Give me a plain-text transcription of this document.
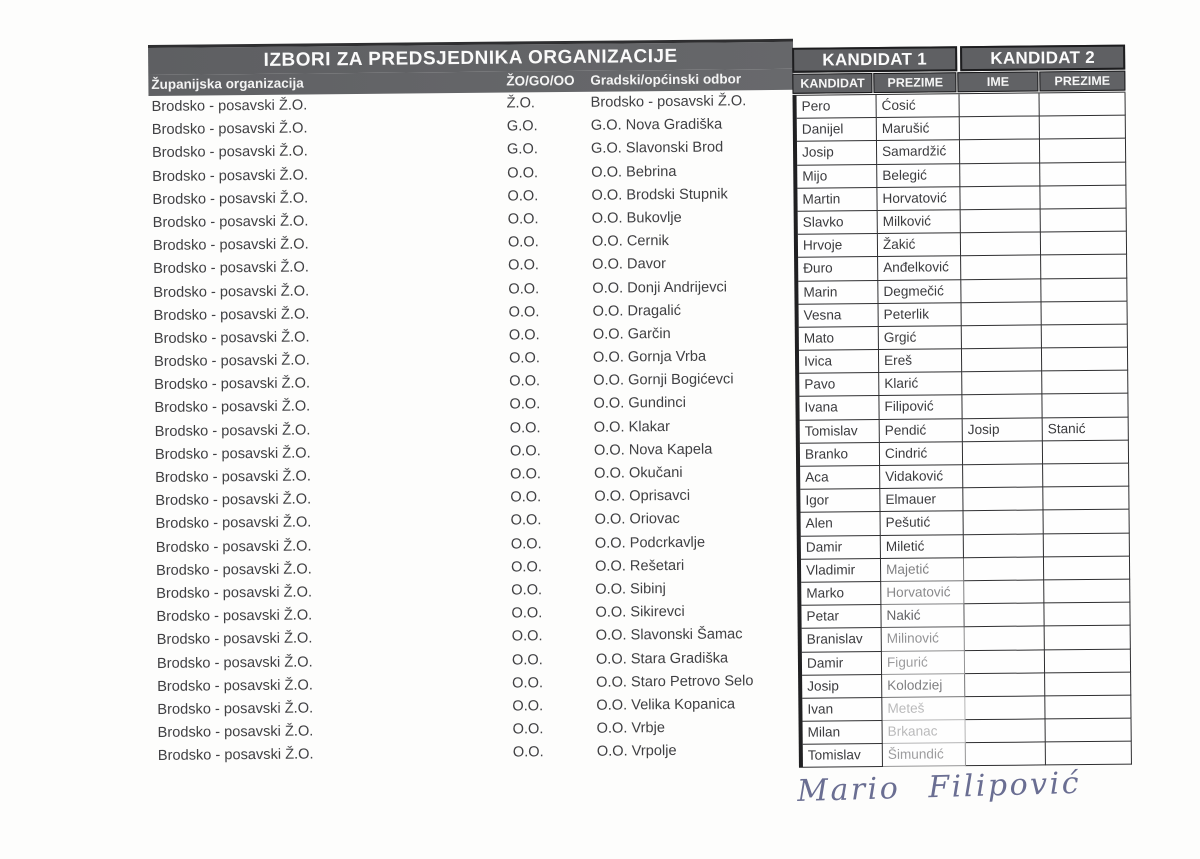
IZBORI ZA PREDSJEDNIKA ORGANIZACIJE
Županijska organizacija	ŽO/GO/OO Gradski/općinski odbor
Brodsko - posavski Ž.O.	Ž.O.	Brodsko - posavski Ž.O.
Brodsko - posavski Ž.O.	G.O.	G.O. Nova Gradiška
Brodsko - posavski Ž.O.	G.O.	G.O. Slavonski Brod
Brodsko - posavski Ž.O.	O.O.	O.O. Bebrina
Brodsko - posavski Ž.O.	O.O.	O.O. Brodski Stupnik
Brodsko - posavski Ž.O.	O.O.	O.O. Bukovlje
Brodsko - posavski Ž.O.	O.O.	O.O. Cernik
Brodsko - posavski Ž.O.	O.O.	O.O. Davor
Brodsko - posavski Ž.O.	O.O.	O.O. Donji Andrijevci
Brodsko - posavski Ž.O.	O.O.	O.O. Dragalić
Brodsko - posavski Ž.O.	O.O.	O.O. Garčin
Brodsko - posavski Ž.O.	O.O.	O.O. Gornja Vrba
Brodsko - posavski Ž.O.	O.O.	O.O. Gornji Bogićevci
Brodsko - posavski Ž.O.	O.O.	O.O. Gundinci
Brodsko - posavski Ž.O.	O.O.	O.O. Klakar
Brodsko - posavski Ž.O.	O.O.	O.O. Nova Kapela
Brodsko - posavski Ž.O.	O.O.	O.O. Okučani
Brodsko - posavski Ž.O.	O.O.	O.O. Oprisavci
Brodsko - posavski Ž.O.	O.O.	O.O. Oriovac
Brodsko - posavski Ž.O.	O.O.	O.O. Podcrkavlje
Brodsko - posavski Ž.O.	O.O.	O.O. Rešetari
Brodsko - posavski Ž.O.	O.O.	O.O. Sibinj
Brodsko - posavski Ž.O.	O.O.	O.O. Sikirevci
Brodsko - posavski Ž.O.	O.O.	O.O. Slavonski Šamac
Brodsko - posavski Ž.O.	O.O.	O.O. Stara Gradiška
Brodsko - posavski Ž.O.	O.O.	O.O. Staro Petrovo Selo
Brodsko - posavski Ž.O.	O.O.	O.O. Velika Kopanica
Brodsko - posavski Ž.O.	O.O.	O.O. Vrbje
Brodsko - posavski Ž.O.	O.O.	O.O. Vrpolje
KANDIDAT 1	KANDIDAT 2
KANDIDAT	PREZIME	IME	PREZIME
Pero	Ćosić
Danijel	Marušić
Josip	Samardžić
Mijo	Belegić
Martin	Horvatović
Slavko	Milković
Hrvoje	Žakić
Đuro	Anđelković
Marin	Degmečić
Vesna	Peterlik
Mato	Grgić
Ivica	Ereš
Pavo	Klarić
Ivana	Filipović
Tomislav	Pendić	Josip	Stanić
Branko	Cindrić
Aca	Vidaković
Igor	Elmauer
Alen	Pešutić
Damir	Miletić
Vladimir	Majetić
Marko	Horvatović
Petar	Nakić
Branislav	Milinović
Damir	Figurić
Josip	Kolodziej
Ivan	Meteš
Milan	Brkanac
Tomislav	Šimundić
Mario Filipović
